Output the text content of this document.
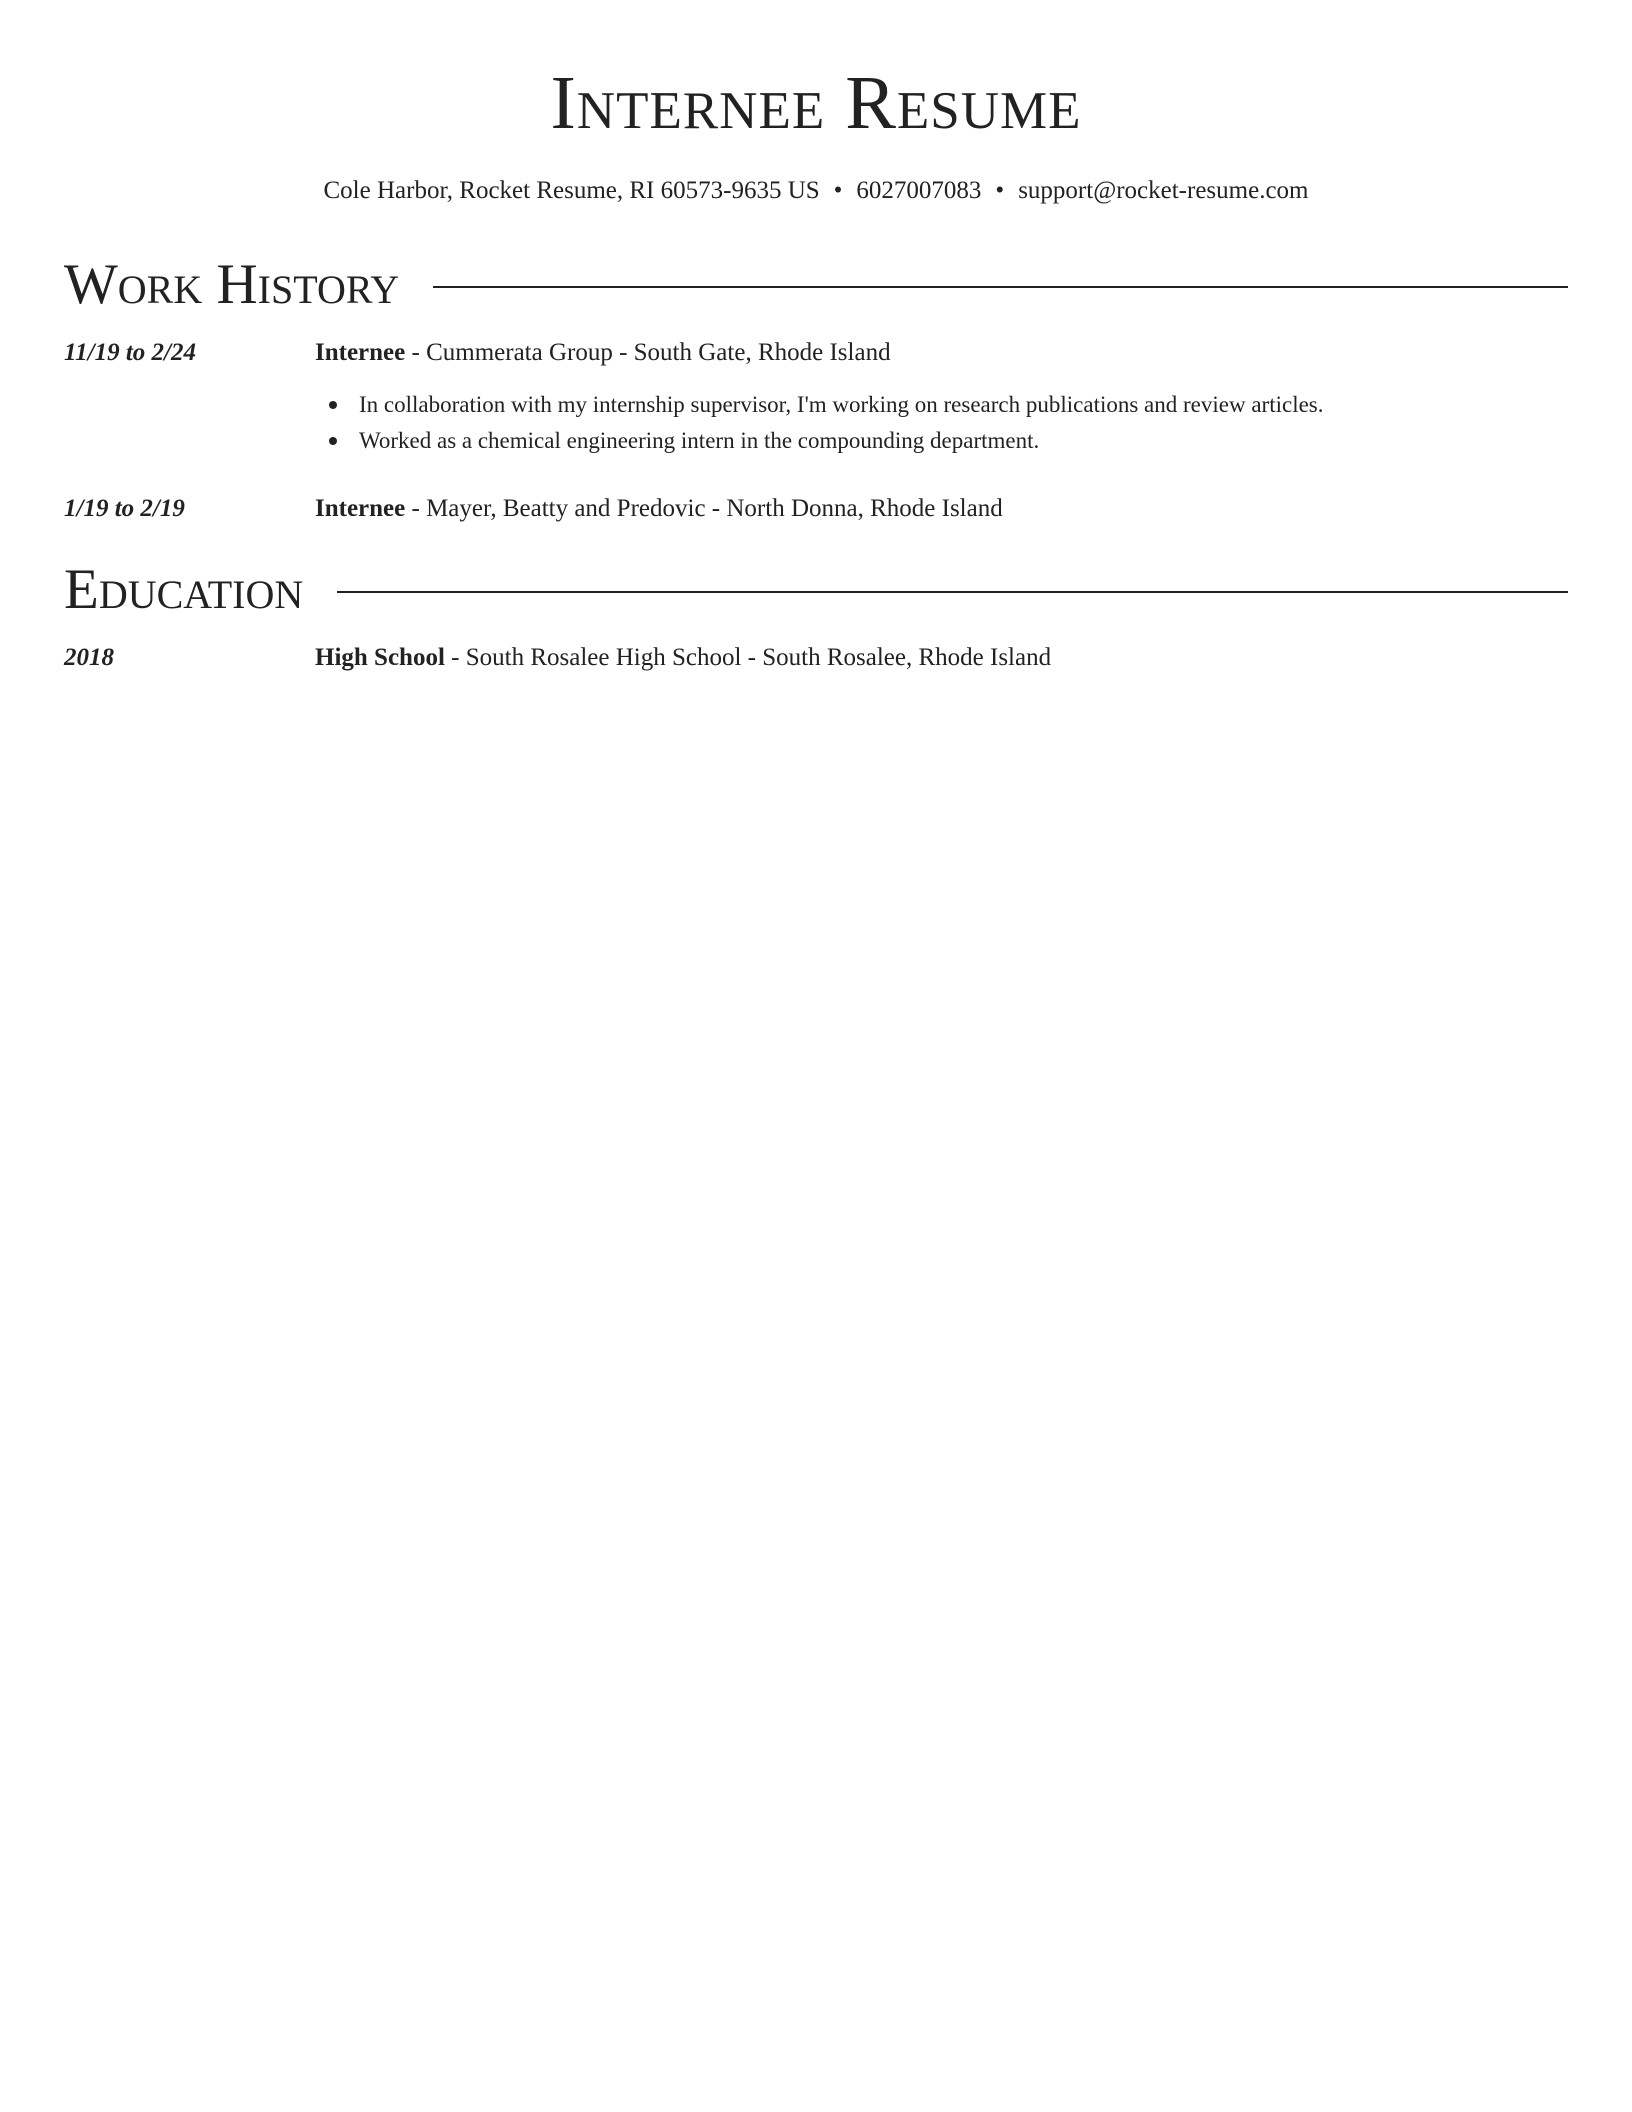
Internee Resume
Cole Harbor, Rocket Resume, RI 60573-9635 US • 6027007083 • support@rocket-resume.com
Work History
11/19 to 2/24	Internee - Cummerata Group - South Gate, Rhode Island
In collaboration with my internship supervisor, I'm working on research publications and review articles.
Worked as a chemical engineering intern in the compounding department.
1/19 to 2/19	Internee - Mayer, Beatty and Predovic - North Donna, Rhode Island
Education
2018	High School - South Rosalee High School - South Rosalee, Rhode Island
